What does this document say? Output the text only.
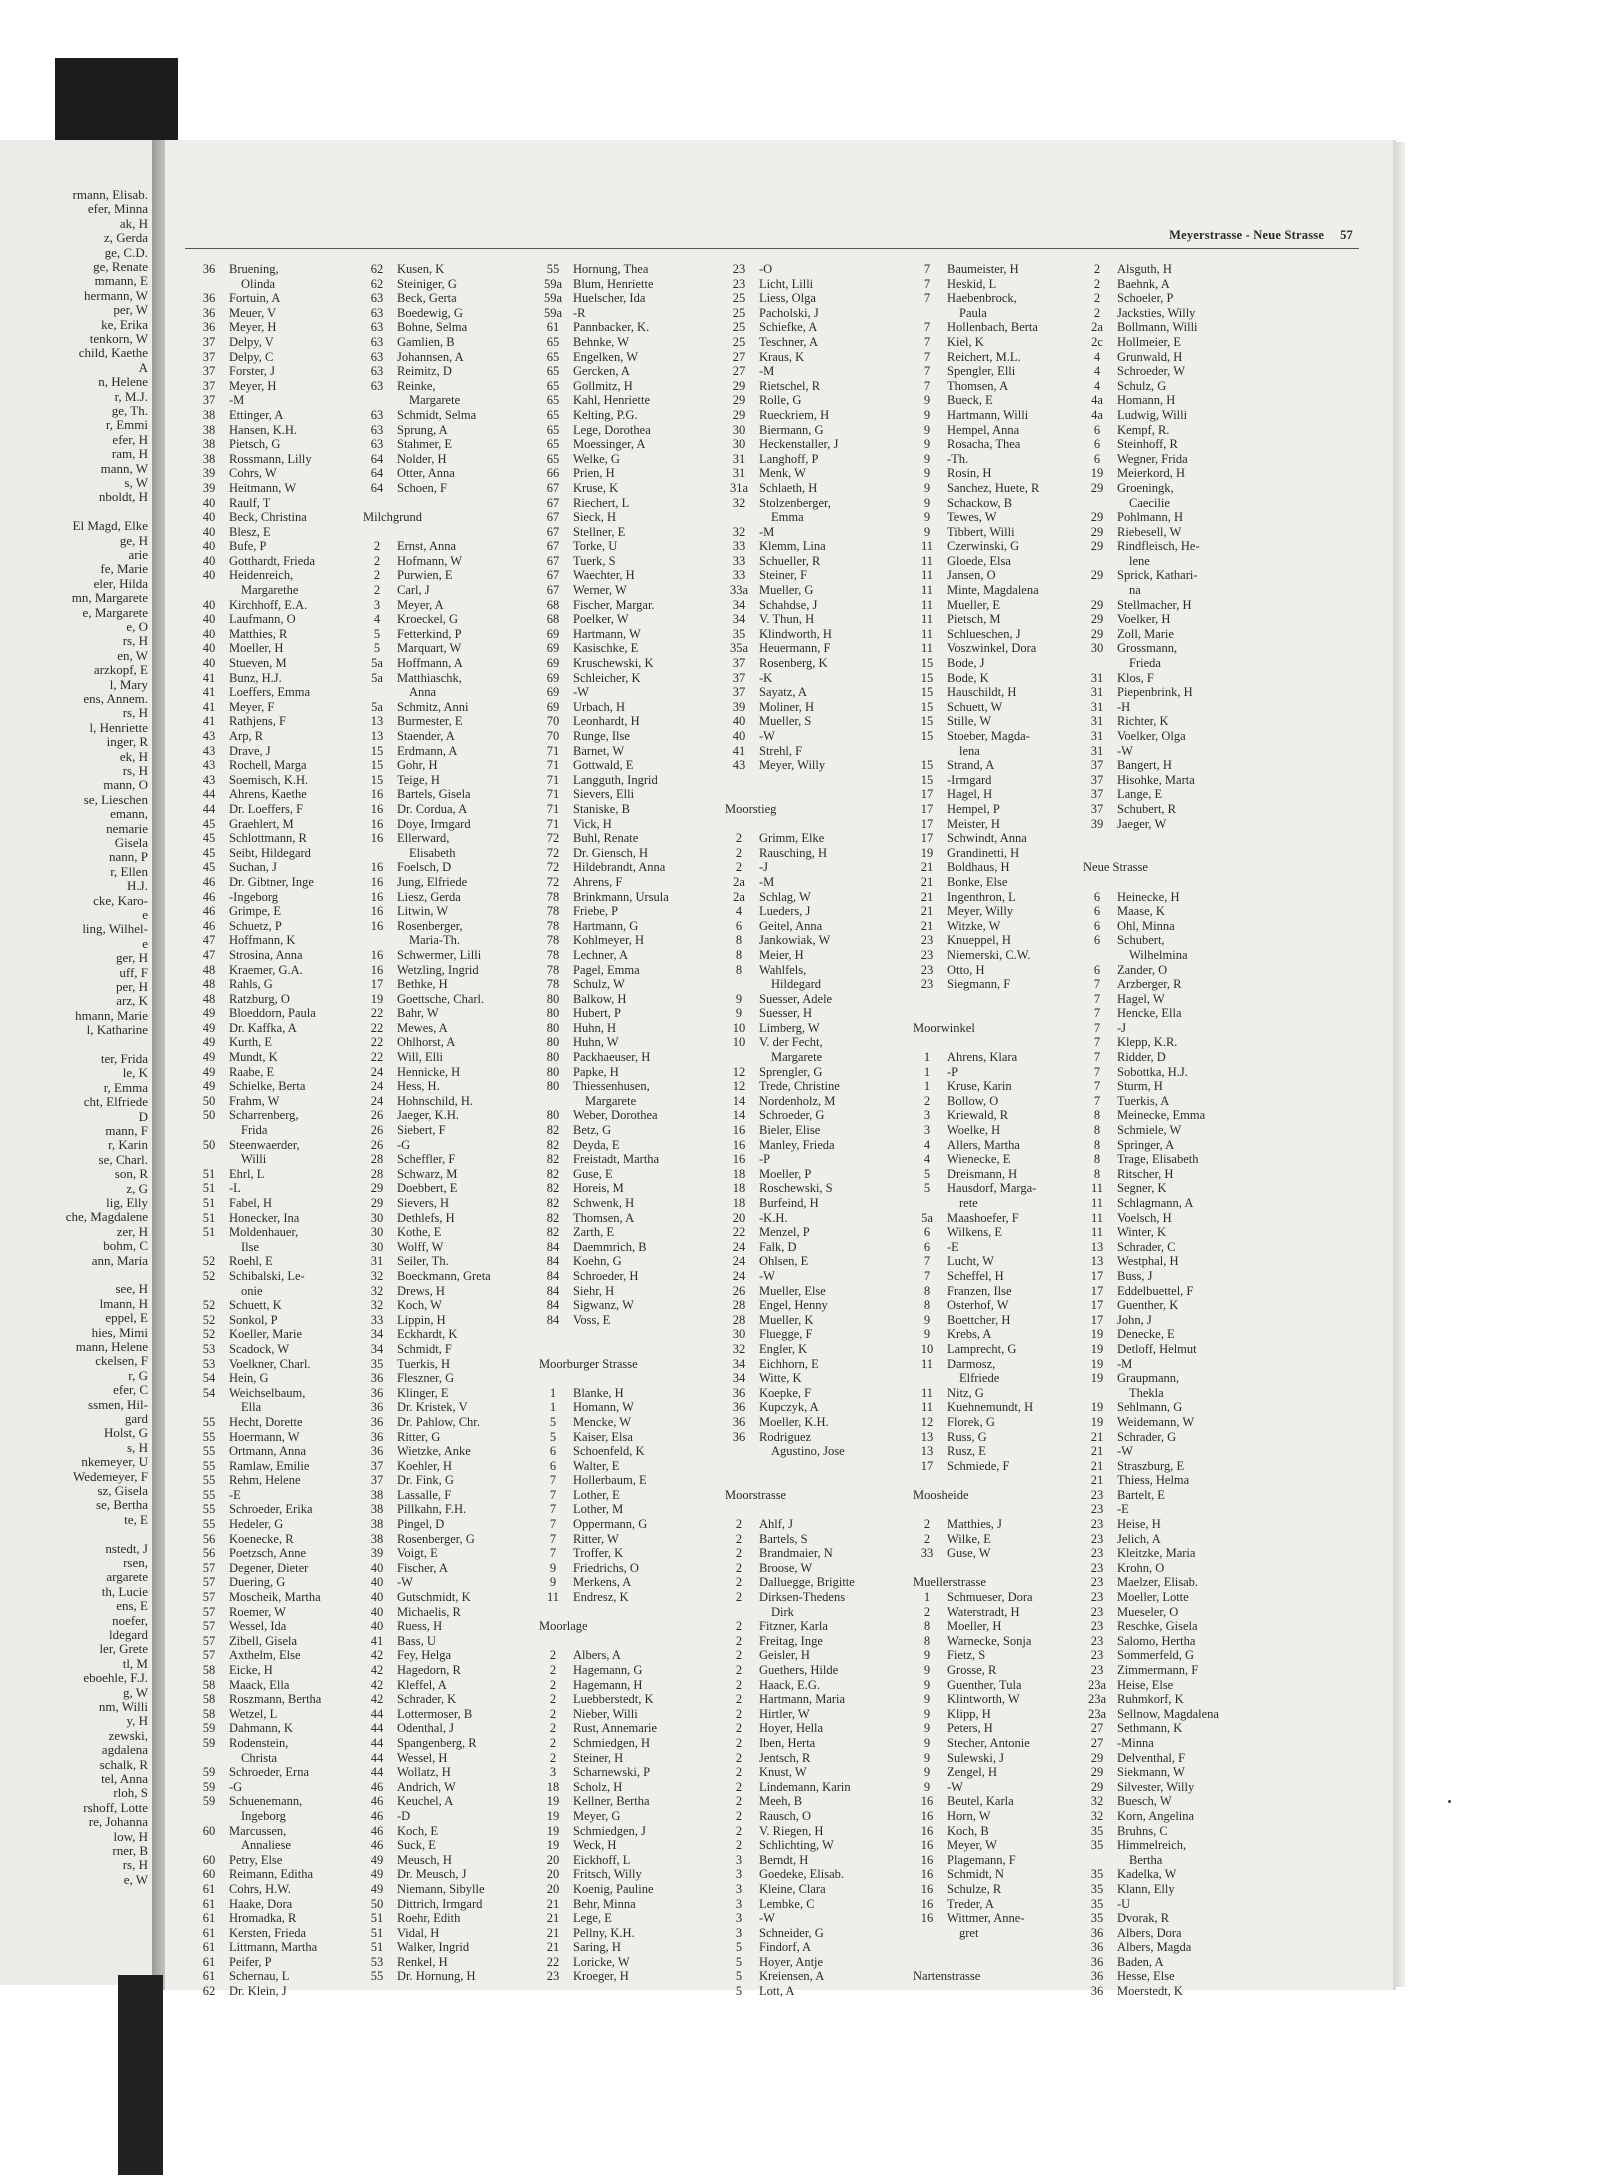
rmann, Elisab.
efer, Minna
ak, H
z, Gerda
ge, C.D.
ge, Renate
mmann, E
hermann, W
per, W
ke, Erika
tenkorn, W
child, Kaethe
A
n, Helene
r, M.J.
ge, Th.
r, Emmi
efer, H
ram, H
mann, W
s, W
nboldt, H
El Magd, Elke
ge, H
arie
fe, Marie
eler, Hilda
mn, Margarete
e, Margarete
e, O
rs, H
en, W
arzkopf, E
l, Mary
ens, Annem.
rs, H
l, Henriette
inger, R
ek, H
rs, H
mann, O
se, Lieschen
emann,
nemarie
Gisela
nann, P
r, Ellen
H.J.
cke, Karo-
e
ling, Wilhel-
e
ger, H
uff, F
per, H
arz, K
hmann, Marie
l, Katharine
ter, Frida
le, K
r, Emma
cht, Elfriede
D
mann, F
r, Karin
se, Charl.
son, R
z, G
lig, Elly
che, Magdalene
zer, H
bohm, C
ann, Maria
see, H
lmann, H
eppel, E
hies, Mimi
mann, Helene
ckelsen, F
r, G
efer, C
ssmen, Hil-
gard
Holst, G
s, H
nkemeyer, U
Wedemeyer, F
sz, Gisela
se, Bertha
te, E
nstedt, J
rsen,
argarete
th, Lucie
ens, E
noefer,
ldegard
ler, Grete
tl, M
eboehle, F.J.
g, W
nm, Willi
y, H
zewski,
agdalena
schalk, R
tel, Anna
rloh, S
rshoff, Lotte
re, Johanna
low, H
rner, B
rs, H
e, W
Meyerstrasse - Neue Strasse 57
36	Bruening,
Olinda
36	Fortuin, A
36	Meuer, V
36	Meyer, H
37	Delpy, V
37	Delpy, C
37	Forster, J
37	Meyer, H
37	-M
38	Ettinger, A
38	Hansen, K.H.
38	Pietsch, G
38	Rossmann, Lilly
39	Cohrs, W
39	Heitmann, W
40	Raulf, T
40	Beck, Christina
40	Blesz, E
40	Bufe, P
40	Gotthardt, Frieda
40	Heidenreich,
Margarethe
40	Kirchhoff, E.A.
40	Laufmann, O
40	Matthies, R
40	Moeller, H
40	Stueven, M
41	Bunz, H.J.
41	Loeffers, Emma
41	Meyer, F
41	Rathjens, F
43	Arp, R
43	Drave, J
43	Rochell, Marga
43	Soemisch, K.H.
44	Ahrens, Kaethe
44	Dr. Loeffers, F
45	Graehlert, M
45	Schlottmann, R
45	Seibt, Hildegard
45	Suchan, J
46	Dr. Gibtner, Inge
46	-Ingeborg
46	Grimpe, E
46	Schuetz, P
47	Hoffmann, K
47	Strosina, Anna
48	Kraemer, G.A.
48	Rahls, G
48	Ratzburg, O
49	Bloeddorn, Paula
49	Dr. Kaffka, A
49	Kurth, E
49	Mundt, K
49	Raabe, E
49	Schielke, Berta
50	Frahm, W
50	Scharrenberg,
Frida
50	Steenwaerder,
Willi
51	Ehrl, L
51	-L
51	Fabel, H
51	Honecker, Ina
51	Moldenhauer,
Ilse
52	Roehl, E
52	Schibalski, Le-
onie
52	Schuett, K
52	Sonkol, P
52	Koeller, Marie
53	Scadock, W
53	Voelkner, Charl.
54	Hein, G
54	Weichselbaum,
Ella
55	Hecht, Dorette
55	Hoermann, W
55	Ortmann, Anna
55	Ramlaw, Emilie
55	Rehm, Helene
55	-E
55	Schroeder, Erika
55	Hedeler, G
56	Koenecke, R
56	Poetzsch, Anne
57	Degener, Dieter
57	Duering, G
57	Moscheik, Martha
57	Roemer, W
57	Wessel, Ida
57	Zibell, Gisela
57	Axthelm, Else
58	Eicke, H
58	Maack, Ella
58	Roszmann, Bertha
58	Wetzel, L
59	Dahmann, K
59	Rodenstein,
Christa
59	Schroeder, Erna
59	-G
59	Schuenemann,
Ingeborg
60	Marcussen,
Annaliese
60	Petry, Else
60	Reimann, Editha
61	Cohrs, H.W.
61	Haake, Dora
61	Hromadka, R
61	Kersten, Frieda
61	Littmann, Martha
61	Peifer, P
61	Schernau, L
62	Dr. Klein, J
62	Kusen, K
62	Steiniger, G
63	Beck, Gerta
63	Boedewig, G
63	Bohne, Selma
63	Gamlien, B
63	Johannsen, A
63	Reimitz, D
63	Reinke,
Margarete
63	Schmidt, Selma
63	Sprung, A
63	Stahmer, E
64	Nolder, H
64	Otter, Anna
64	Schoen, F
Milchgrund
2	Ernst, Anna
2	Hofmann, W
2	Purwien, E
2	Carl, J
3	Meyer, A
4	Kroeckel, G
5	Fetterkind, P
5	Marquart, W
5a	Hoffmann, A
5a	Matthiaschk,
Anna
5a	Schmitz, Anni
13	Burmester, E
13	Staender, A
15	Erdmann, A
15	Gohr, H
15	Teige, H
16	Bartels, Gisela
16	Dr. Cordua, A
16	Doye, Irmgard
16	Ellerward,
Elisabeth
16	Foelsch, D
16	Jung, Elfriede
16	Liesz, Gerda
16	Litwin, W
16	Rosenberger,
Maria-Th.
16	Schwermer, Lilli
16	Wetzling, Ingrid
17	Bethke, H
19	Goettsche, Charl.
22	Bahr, W
22	Mewes, A
22	Ohlhorst, A
22	Will, Elli
24	Hennicke, H
24	Hess, H.
24	Hohnschild, H.
26	Jaeger, K.H.
26	Siebert, F
26	-G
28	Scheffler, F
28	Schwarz, M
29	Doebbert, E
29	Sievers, H
30	Dethlefs, H
30	Kothe, E
30	Wolff, W
31	Seiler, Th.
32	Boeckmann, Greta
32	Drews, H
32	Koch, W
33	Lippin, H
34	Eckhardt, K
34	Schmidt, F
35	Tuerkis, H
36	Fleszner, G
36	Klinger, E
36	Dr. Kristek, V
36	Dr. Pahlow, Chr.
36	Ritter, G
36	Wietzke, Anke
37	Koehler, H
37	Dr. Fink, G
38	Lassalle, F
38	Pillkahn, F.H.
38	Pingel, D
38	Rosenberger, G
39	Voigt, E
40	Fischer, A
40	-W
40	Gutschmidt, K
40	Michaelis, R
40	Ruess, H
41	Bass, U
42	Fey, Helga
42	Hagedorn, R
42	Kleffel, A
42	Schrader, K
44	Lottermoser, B
44	Odenthal, J
44	Spangenberg, R
44	Wessel, H
44	Wollatz, H
46	Andrich, W
46	Keuchel, A
46	-D
46	Koch, E
46	Suck, E
49	Meusch, H
49	Dr. Meusch, J
49	Niemann, Sibylle
50	Dittrich, Irmgard
51	Roehr, Edith
51	Vidal, H
51	Walker, Ingrid
53	Renkel, H
55	Dr. Hornung, H
55	Hornung, Thea
59a Blum, Henriette
59a Huelscher, Ida
59a -R
61	Pannbacker, K.
65	Behnke, W
65	Engelken, W
65	Gercken, A
65	Gollmitz, H
65	Kahl, Henriette
65	Kelting, P.G.
65	Lege, Dorothea
65	Moessinger, A
65	Welke, G
66	Prien, H
67	Kruse, K
67	Riechert, L
67	Sieck, H
67	Stellner, E
67	Torke, U
67	Tuerk, S
67	Waechter, H
67	Werner, W
68	Fischer, Margar.
68	Poelker, W
69	Hartmann, W
69	Kasischke, E
69	Kruschewski, K
69	Schleicher, K
69	-W
69	Urbach, H
70	Leonhardt, H
70	Runge, Ilse
71	Barnet, W
71	Gottwald, E
71	Langguth, Ingrid
71	Sievers, Elli
71	Staniske, B
71	Vick, H
72	Buhl, Renate
72	Dr. Giensch, H
72	Hildebrandt, Anna
72	Ahrens, F
78	Brinkmann, Ursula
78	Friebe, P
78	Hartmann, G
78	Kohlmeyer, H
78	Lechner, A
78	Pagel, Emma
78	Schulz, W
80	Balkow, H
80	Hubert, P
80	Huhn, H
80	Huhn, W
80	Packhaeuser, H
80	Papke, H
80	Thiessenhusen,
Margarete
80	Weber, Dorothea
82	Betz, G
82	Deyda, E
82	Freistadt, Martha
82	Guse, E
82	Horeis, M
82	Schwenk, H
82	Thomsen, A
82	Zarth, E
84	Daemmrich, B
84	Koehn, G
84	Schroeder, H
84	Siehr, H
84	Sigwanz, W
84	Voss, E
Moorburger Strasse
1	Blanke, H
1	Homann, W
5	Mencke, W
5	Kaiser, Elsa
6	Schoenfeld, K
6	Walter, E
7	Hollerbaum, E
7	Lother, E
7	Lother, M
7	Oppermann, G
7	Ritter, W
7	Troffer, K
9	Friedrichs, O
9	Merkens, A
11	Endresz, K
Moorlage
2	Albers, A
2	Hagemann, G
2	Hagemann, H
2	Luebberstedt, K
2	Nieber, Willi
2	Rust, Annemarie
2	Schmiedgen, H
2	Steiner, H
3	Scharnewski, P
18	Scholz, H
19	Kellner, Bertha
19	Meyer, G
19	Schmiedgen, J
19	Weck, H
20	Eickhoff, L
20	Fritsch, Willy
20	Koenig, Pauline
21	Behr, Minna
21	Lege, E
21	Pellny, K.H.
21	Saring, H
22	Loricke, W
23	Kroeger, H
23	-O
23	Licht, Lilli
25	Liess, Olga
25	Pacholski, J
25	Schiefke, A
25	Teschner, A
27	Kraus, K
27	-M
29	Rietschel, R
29	Rolle, G
29	Rueckriem, H
30	Biermann, G
30	Heckenstaller, J
31	Langhoff, P
31	Menk, W
31a Schlaeth, H
32	Stolzenberger,
Emma
32	-M
33	Klemm, Lina
33	Schueller, R
33	Steiner, F
33a Mueller, G
34	Schahdse, J
34	V. Thun, H
35	Klindworth, H
35a Heuermann, F
37	Rosenberg, K
37	-K
37	Sayatz, A
39	Moliner, H
40	Mueller, S
40	-W
41	Strehl, F
43	Meyer, Willy
Moorstieg
2	Grimm, Elke
2	Rausching, H
2	-J
2a	-M
2a	Schlag, W
4	Lueders, J
6	Geitel, Anna
8	Jankowiak, W
8	Meier, H
8	Wahlfels,
Hildegard
9	Suesser, Adele
9	Suesser, H
10	Limberg, W
10	V. der Fecht,
Margarete
12	Sprengler, G
12	Trede, Christine
14	Nordenholz, M
14	Schroeder, G
16	Bieler, Elise
16	Manley, Frieda
16	-P
18	Moeller, P
18	Roschewski, S
18	Burfeind, H
20	-K.H.
22	Menzel, P
24	Falk, D
24	Ohlsen, E
24	-W
26	Mueller, Else
28	Engel, Henny
28	Mueller, K
30	Fluegge, F
32	Engler, K
34	Eichhorn, E
34	Witte, K
36	Koepke, F
36	Kupczyk, A
36	Moeller, K.H.
36	Rodriguez
Agustino, Jose
Moorstrasse
2	Ahlf, J
2	Bartels, S
2	Brandmaier, N
2	Broose, W
2	Dalluegge, Brigitte
2	Dirksen-Thedens
Dirk
2	Fitzner, Karla
2	Freitag, Inge
2	Geisler, H
2	Guethers, Hilde
2	Haack, E.G.
2	Hartmann, Maria
2	Hirtler, W
2	Hoyer, Hella
2	Iben, Herta
2	Jentsch, R
2	Knust, W
2	Lindemann, Karin
2	Meeh, B
2	Rausch, O
2	V. Riegen, H
2	Schlichting, W
3	Berndt, H
3	Goedeke, Elisab.
3	Kleine, Clara
3	Lembke, C
3	-W
3	Schneider, G
5	Findorf, A
5	Hoyer, Antje
5	Kreiensen, A
5	Lott, A
7	Baumeister, H
7	Heskid, L
7	Haebenbrock,
Paula
7	Hollenbach, Berta
7	Kiel, K
7	Reichert, M.L.
7	Spengler, Elli
7	Thomsen, A
9	Bueck, E
9	Hartmann, Willi
9	Hempel, Anna
9	Rosacha, Thea
9	-Th.
9	Rosin, H
9	Sanchez, Huete, R
9	Schackow, B
9	Tewes, W
9	Tibbert, Willi
11	Czerwinski, G
11	Gloede, Elsa
11	Jansen, O
11	Minte, Magdalena
11	Mueller, E
11	Pietsch, M
11	Schlueschen, J
11	Voszwinkel, Dora
15	Bode, J
15	Bode, K
15	Hauschildt, H
15	Schuett, W
15	Stille, W
15	Stoeber, Magda-
lena
15	Strand, A
15	-Irmgard
17	Hagel, H
17	Hempel, P
17	Meister, H
17	Schwindt, Anna
19	Grandinetti, H
21	Boldhaus, H
21	Bonke, Else
21	Ingenthron, L
21	Meyer, Willy
21	Witzke, W
23	Knueppel, H
23	Niemerski, C.W.
23	Otto, H
23	Siegmann, F
Moorwinkel
1	Ahrens, Klara
1	-P
1	Kruse, Karin
2	Bollow, O
3	Kriewald, R
3	Woelke, H
4	Allers, Martha
4	Wienecke, E
5	Dreismann, H
5	Hausdorf, Marga-
rete
5a	Maashoefer, F
6	Wilkens, E
6	-E
7	Lucht, W
7	Scheffel, H
8	Franzen, Ilse
8	Osterhof, W
9	Boettcher, H
9	Krebs, A
10	Lamprecht, G
11	Darmosz,
Elfriede
11	Nitz, G
11	Kuehnemundt, H
12	Florek, G
13	Russ, G
13	Rusz, E
17	Schmiede, F
Moosheide
2	Matthies, J
2	Wilke, E
33	Guse, W
Muellerstrasse
1	Schmueser, Dora
2	Waterstradt, H
8	Moeller, H
8	Warnecke, Sonja
9	Fietz, S
9	Grosse, R
9	Guenther, Tula
9	Klintworth, W
9	Klipp, H
9	Peters, H
9	Stecher, Antonie
9	Sulewski, J
9	Zengel, H
9	-W
16	Beutel, Karla
16	Horn, W
16	Koch, B
16	Meyer, W
16	Plagemann, F
16	Schmidt, N
16	Schulze, R
16	Treder, A
16	Wittmer, Anne-
gret
Nartenstrasse
2	Alsguth, H
2	Baehnk, A
2	Schoeler, P
2	Jacksties, Willy
2a	Bollmann, Willi
2c	Hollmeier, E
4	Grunwald, H
4	Schroeder, W
4	Schulz, G
4a	Homann, H
4a	Ludwig, Willi
6	Kempf, R.
6	Steinhoff, R
6	Wegner, Frida
19	Meierkord, H
29	Groeningk,
Caecilie
29	Pohlmann, H
29	Riebesell, W
29	Rindfleisch, He-
lene
29	Sprick, Kathari-
na
29	Stellmacher, H
29	Voelker, H
29	Zoll, Marie
30	Grossmann,
Frieda
31	Klos, F
31	Piepenbrink, H
31	-H
31	Richter, K
31	Voelker, Olga
31	-W
37	Bangert, H
37	Hisohke, Marta
37	Lange, E
37	Schubert, R
39	Jaeger, W
Neue Strasse
6	Heinecke, H
6	Maase, K
6	Ohl, Minna
6	Schubert,
Wilhelmina
6	Zander, O
7	Arzberger, R
7	Hagel, W
7	Hencke, Ella
7	-J
7	Klepp, K.R.
7	Ridder, D
7	Sobottka, H.J.
7	Sturm, H
7	Tuerkis, A
8	Meinecke, Emma
8	Schmiele, W
8	Springer, A
8	Trage, Elisabeth
8	Ritscher, H
11	Segner, K
11	Schlagmann, A
11	Voelsch, H
11	Winter, K
13	Schrader, C
13	Westphal, H
17	Buss, J
17	Eddelbuettel, F
17	Guenther, K
17	John, J
19	Denecke, E
19	Detloff, Helmut
19	-M
19	Graupmann,
Thekla
19	Sehlmann, G
19	Weidemann, W
21	Schrader, G
21	-W
21	Straszburg, E
21	Thiess, Helma
23	Bartelt, E
23	-E
23	Heise, H
23	Jelich, A
23	Kleitzke, Maria
23	Krohn, O
23	Maelzer, Elisab.
23	Moeller, Lotte
23	Mueseler, O
23	Reschke, Gisela
23	Salomo, Hertha
23	Sommerfeld, G
23	Zimmermann, F
23a Heise, Else
23a Ruhmkorf, K
23a Sellnow, Magdalena
27	Sethmann, K
27	-Minna
29	Delventhal, F
29	Siekmann, W
29	Silvester, Willy
32	Buesch, W
32	Korn, Angelina
35	Bruhns, C
35	Himmelreich,
Bertha
35	Kadelka, W
35	Klann, Elly
35	-U
35	Dvorak, R
36	Albers, Dora
36	Albers, Magda
36	Baden, A
36	Hesse, Else
36	Moerstedt, K
